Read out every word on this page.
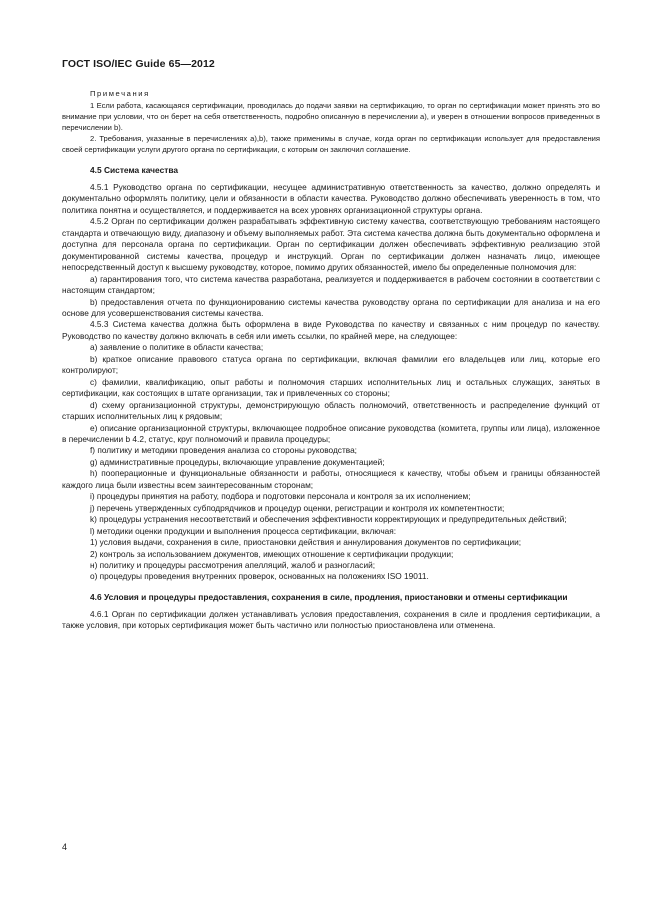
ГОСТ ISO/IEC Guide 65—2012

Примечания

1 Если работа, касающаяся сертификации, проводилась до подачи заявки на сертификацию, то орган по сертификации может принять это во внимание при условии, что он берет на себя ответственность, подробно описанную в перечислении а), и уверен в отношении вопросов приведенных в перечислении b).

2. Требования, указанные в перечислениях а),b), также применимы в случае, когда орган по сертификации использует для предоставления своей сертификации услуги другого органа по сертификации, с которым он заключил соглашение.

4.5 Система качества

4.5.1 Руководство органа по сертификации, несущее административную ответственность за качество, должно определять и документально оформлять политику, цели и обязанности в области качества. Руководство должно обеспечивать уверенность в том, что политика понятна и осуществляется, и поддерживается на всех уровнях организационной структуры органа.

4.5.2 Орган по сертификации должен разрабатывать эффективную систему качества, соответствующую требованиям настоящего стандарта и отвечающую виду, диапазону и объему выполняемых работ. Эта система качества должна быть документально оформлена и доступна для персонала органа по сертификации. Орган по сертификации должен обеспечивать эффективную реализацию этой документированной системы качества, процедур и инструкций. Орган по сертификации должен назначать лицо, имеющее непосредственный доступ к высшему руководству, которое, помимо других обязанностей, имело бы определенные полномочия для:

а) гарантирования того, что система качества разработана, реализуется и поддерживается в рабочем состоянии в соответствии с настоящим стандартом;

b) предоставления отчета по функционированию системы качества руководству органа по сертификации для анализа и на его основе для усовершенствования системы качества.

4.5.3 Система качества должна быть оформлена в виде Руководства по качеству и связанных с ним процедур по качеству. Руководство по качеству должно включать в себя или иметь ссылки, по крайней мере, на следующее:

а) заявление о политике в области качества;

b) краткое описание правового статуса органа по сертификации, включая фамилии его владельцев или лиц, которые его контролируют;

с) фамилии, квалификацию, опыт работы и полномочия старших исполнительных лиц и остальных служащих, занятых в сертификации, как состоящих в штате организации, так и привлеченных со стороны;

d) схему организационной структуры, демонстрирующую область полномочий, ответственность и распределение функций от старших исполнительных лиц к рядовым;

е) описание организационной структуры, включающее подробное описание руководства (комитета, группы или лица), изложенное в перечислении b 4.2, статус, круг полномочий и правила процедуры;

f) политику и методики проведения анализа со стороны руководства;

g) административные процедуры, включающие управление документацией;

h) пооперационные и функциональные обязанности и работы, относящиеся к качеству, чтобы объем и границы обязанностей каждого лица были известны всем заинтересованным сторонам;

i) процедуры принятия на работу, подбора и подготовки персонала и контроля за их исполнением;

j) перечень утвержденных субподрядчиков и процедур оценки, регистрации и контроля их компетентности;

k) процедуры устранения несоответствий и обеспечения эффективности корректирующих и предупредительных действий;

l) методики оценки продукции и выполнения процесса сертификации, включая:

1) условия выдачи, сохранения в силе, приостановки действия и аннулирования документов по сертификации;

2) контроль за использованием документов, имеющих отношение к сертификации продукции;

н) политику и процедуры рассмотрения апелляций, жалоб и разногласий;

о) процедуры проведения внутренних проверок, основанных на положениях ISO 19011.

4.6 Условия и процедуры предоставления, сохранения в силе, продления, приостановки и отмены сертификации

4.6.1 Орган по сертификации должен устанавливать условия предоставления, сохранения в силе и продления сертификации, а также условия, при которых сертификация может быть частично или полностью приостановлена или отменена.

4
